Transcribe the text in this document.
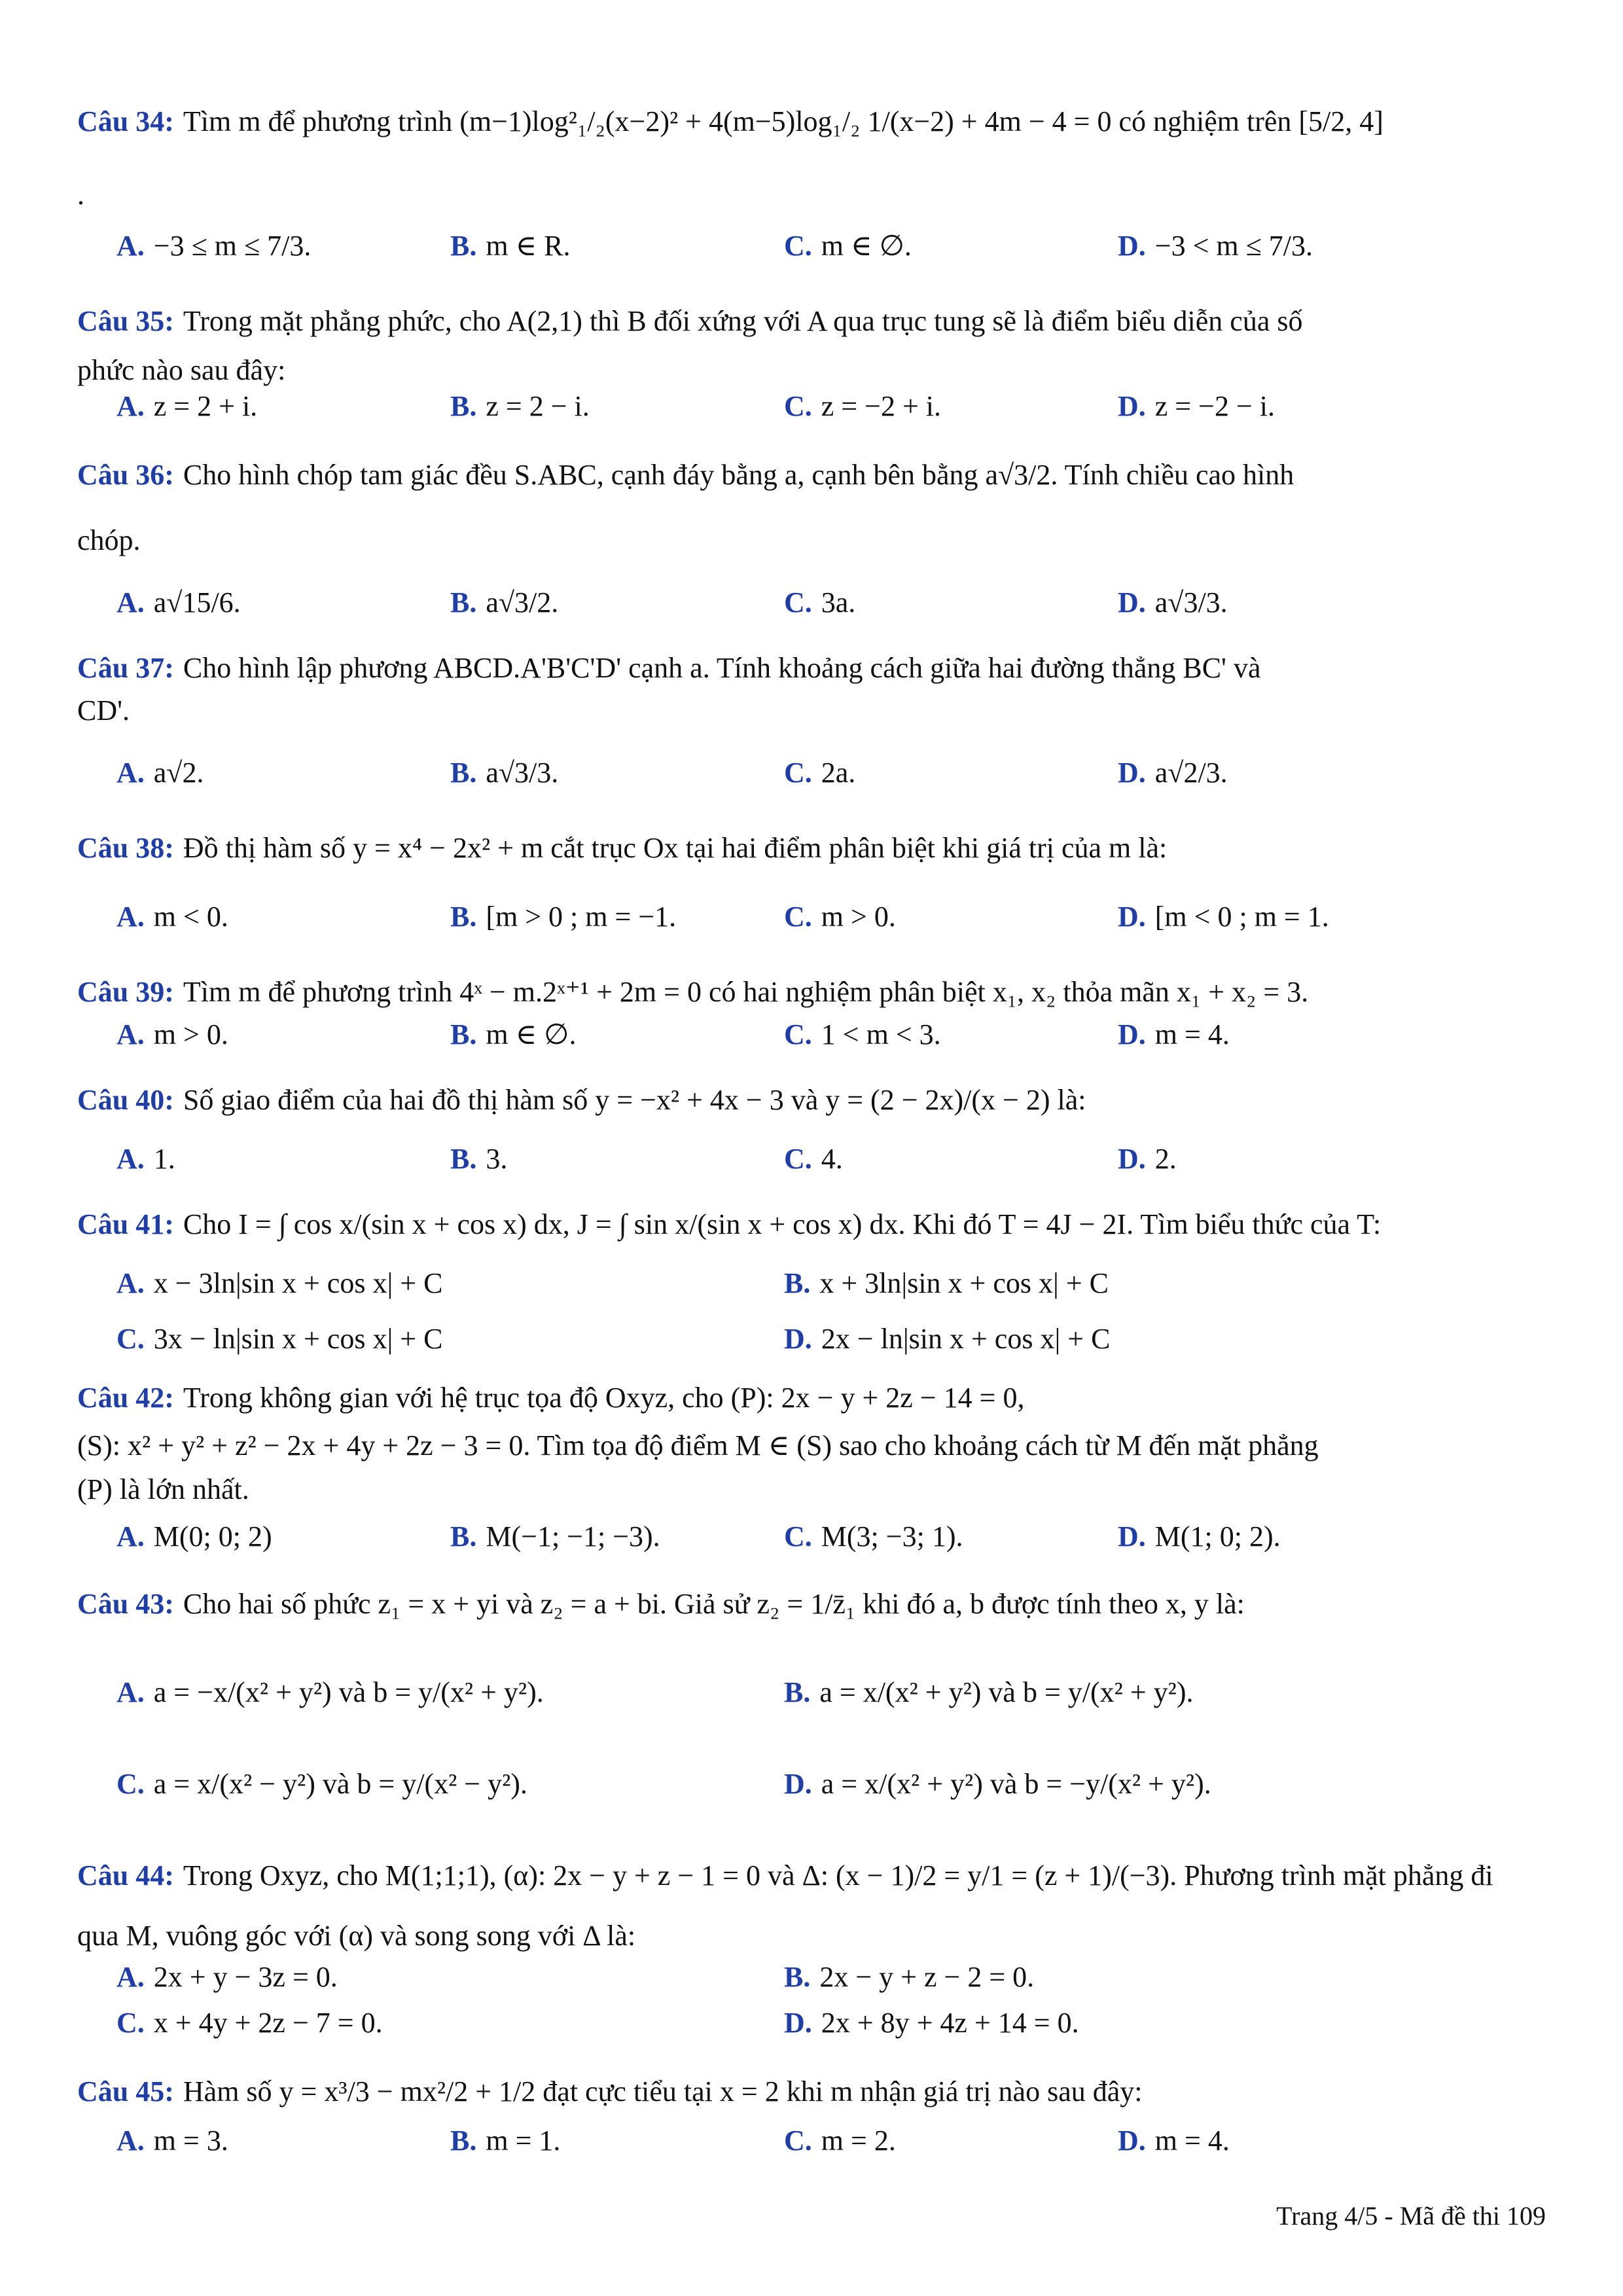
Câu 34: Tìm m để phương trình (m−1)log²₁/₂(x−2)² + 4(m−5)log₁/₂ 1/(x−2) + 4m − 4 = 0 có nghiệm trên [5/2, 4]
.
A. −3 ≤ m ≤ 7/3.	B. m ∈ R.	C. m ∈ ∅.	D. −3 < m ≤ 7/3.
Câu 35: Trong mặt phẳng phức, cho A(2,1) thì B đối xứng với A qua trục tung sẽ là điểm biểu diễn của số
phức nào sau đây:
A. z = 2 + i.	B. z = 2 − i.	C. z = −2 + i.	D. z = −2 − i.
Câu 36: Cho hình chóp tam giác đều S.ABC, cạnh đáy bằng a, cạnh bên bằng a√3/2. Tính chiều cao hình
chóp.
A. a√15/6.	B. a√3/2.	C. 3a.	D. a√3/3.
Câu 37: Cho hình lập phương ABCD.A'B'C'D' cạnh a. Tính khoảng cách giữa hai đường thẳng BC' và
CD'.
A. a√2.	B. a√3/3.	C. 2a.	D. a√2/3.
Câu 38: Đồ thị hàm số y = x⁴ − 2x² + m cắt trục Ox tại hai điểm phân biệt khi giá trị của m là:
A. m < 0.	B. [m > 0 ; m = −1.	C. m > 0.	D. [m < 0 ; m = 1.
Câu 39: Tìm m để phương trình 4ˣ − m.2ˣ⁺¹ + 2m = 0 có hai nghiệm phân biệt x₁, x₂ thỏa mãn x₁ + x₂ = 3.
A. m > 0.	B. m ∈ ∅.	C. 1 < m < 3.	D. m = 4.
Câu 40: Số giao điểm của hai đồ thị hàm số y = −x² + 4x − 3 và y = (2 − 2x)/(x − 2) là:
A. 1.	B. 3.	C. 4.	D. 2.
Câu 41: Cho I = ∫ cos x/(sin x + cos x) dx, J = ∫ sin x/(sin x + cos x) dx. Khi đó T = 4J − 2I. Tìm biểu thức của T:
A. x − 3ln|sin x + cos x| + C	B. x + 3ln|sin x + cos x| + C
C. 3x − ln|sin x + cos x| + C	D. 2x − ln|sin x + cos x| + C
Câu 42: Trong không gian với hệ trục tọa độ Oxyz, cho (P): 2x − y + 2z − 14 = 0,
(S): x² + y² + z² − 2x + 4y + 2z − 3 = 0. Tìm tọa độ điểm M ∈ (S) sao cho khoảng cách từ M đến mặt phẳng
(P) là lớn nhất.
A. M(0; 0; 2)	B. M(−1; −1; −3).	C. M(3; −3; 1).	D. M(1; 0; 2).
Câu 43: Cho hai số phức z₁ = x + yi và z₂ = a + bi. Giả sử z₂ = 1/z̄₁ khi đó a, b được tính theo x, y là:
A. a = −x/(x² + y²) và b = y/(x² + y²).	B. a = x/(x² + y²) và b = y/(x² + y²).
C. a = x/(x² − y²) và b = y/(x² − y²).	D. a = x/(x² + y²) và b = −y/(x² + y²).
Câu 44: Trong Oxyz, cho M(1;1;1), (α): 2x − y + z − 1 = 0 và Δ: (x − 1)/2 = y/1 = (z + 1)/(−3). Phương trình mặt phẳng đi
qua M, vuông góc với (α) và song song với Δ là:
A. 2x + y − 3z = 0.	B. 2x − y + z − 2 = 0.
C. x + 4y + 2z − 7 = 0.	D. 2x + 8y + 4z + 14 = 0.
Câu 45: Hàm số y = x³/3 − mx²/2 + 1/2 đạt cực tiểu tại x = 2 khi m nhận giá trị nào sau đây:
A. m = 3.	B. m = 1.	C. m = 2.	D. m = 4.
Trang 4/5 - Mã đề thi 109
